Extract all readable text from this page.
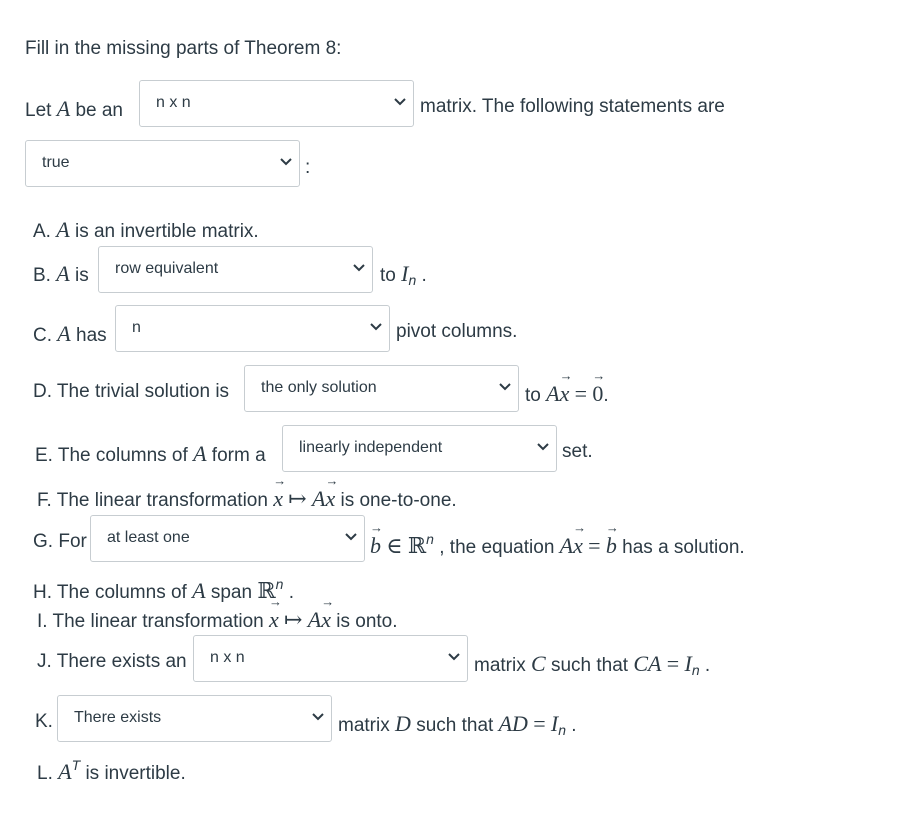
Fill in the missing parts of Theorem 8:
Let A be an n x n	matrix. The following statements are
true	:
A. A is an invertible matrix.
B. A is row equivalent	to $I_n$ .
C. A has n	pivot columns.
D. The trivial solution is the only solution	to A→ x = → 0.
E. The columns of A form a linearly independent	set.
F. The linear transformation → x ↦ A→ x is one-to-one.
G. For at least one	→ b ∈ ℝ$^n$ , the equation A→ x = → b has a solution.
H. The columns of A span ℝ$^n$ .
I. The linear transformation → x ↦ A→ x is onto.
J. There exists an n x n	matrix C such that CA = $I_n$ .
K. There exists	matrix D such that AD = $I_n$ .
L. $A^T$ is invertible.
